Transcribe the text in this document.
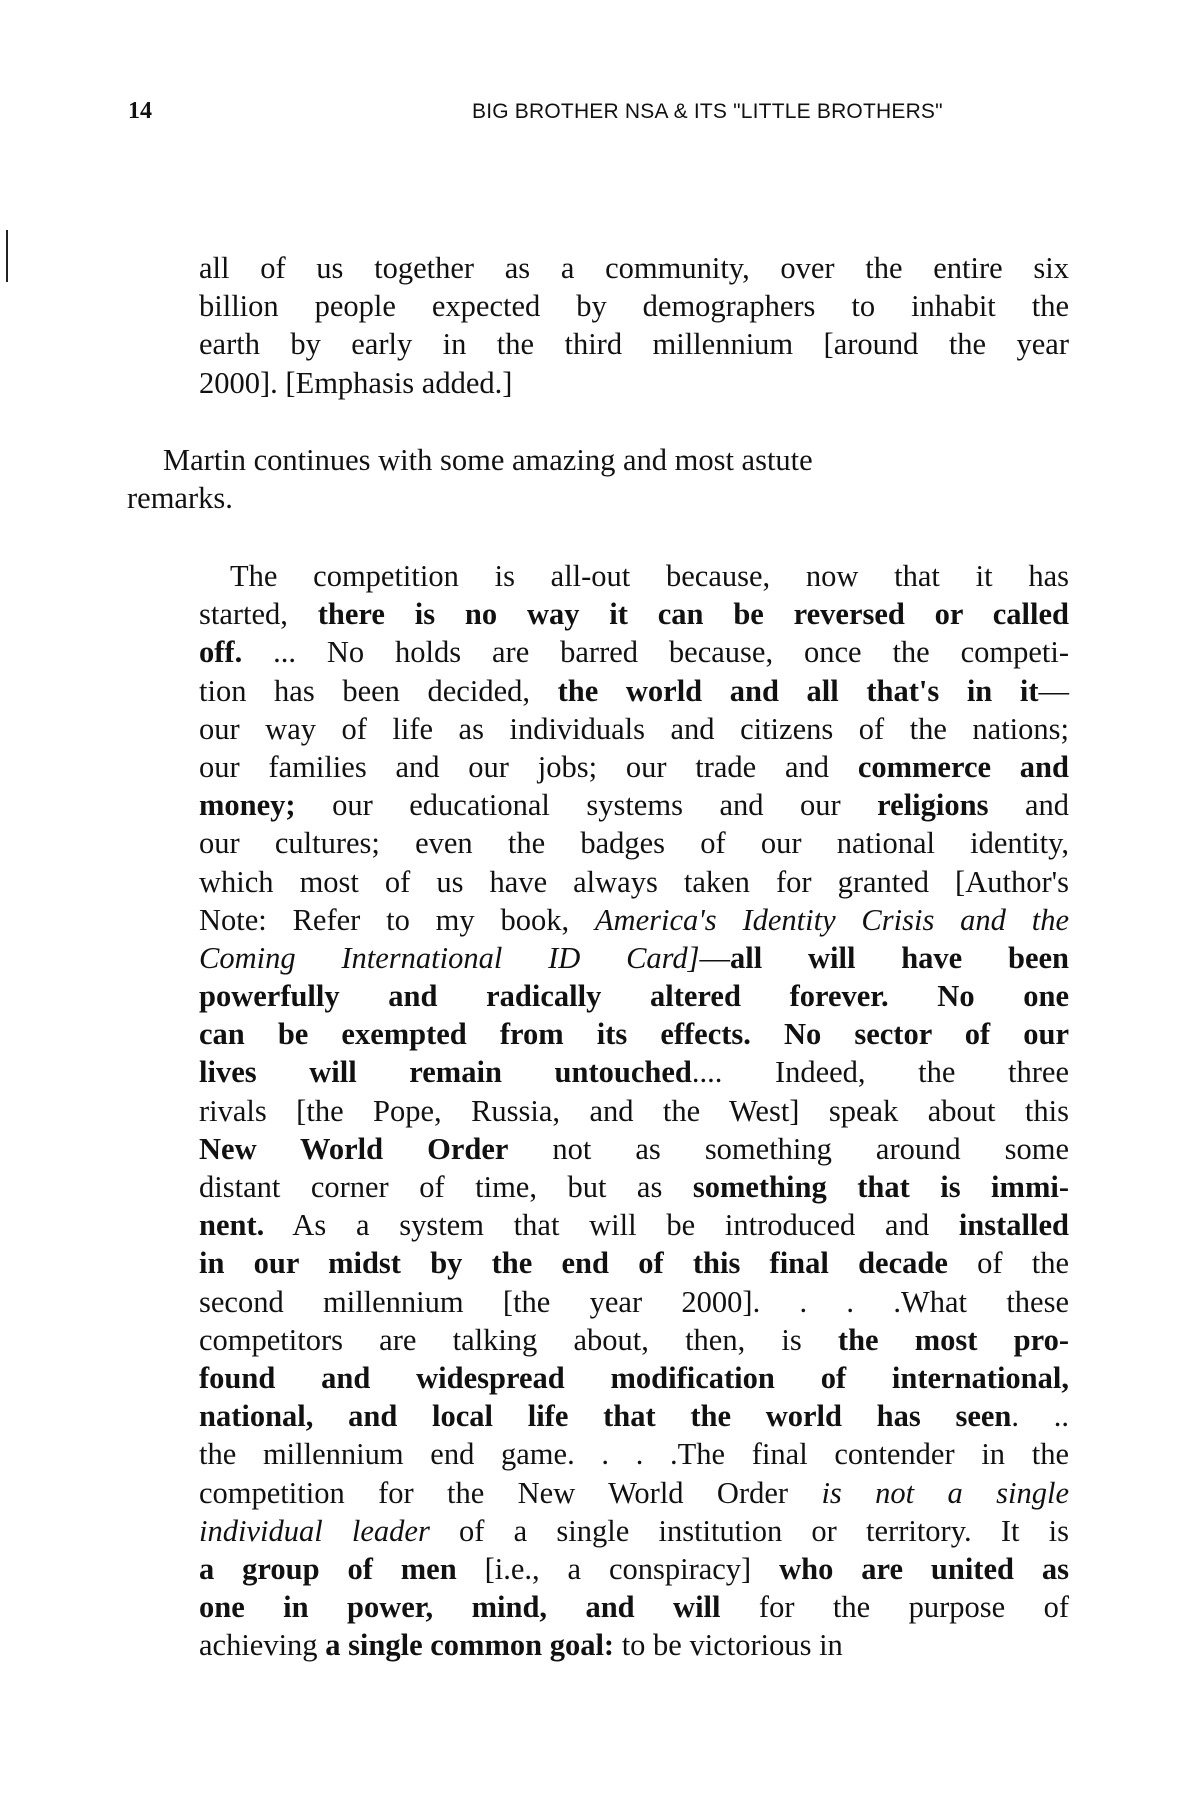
14	BIG BROTHER NSA & ITS "LITTLE BROTHERS"
all of us together as a community, over the entire six
billion people expected by demographers to inhabit the
earth by early in the third millennium [around the year
2000]. [Emphasis added.]
Martin continues with some amazing and most astute
remarks.
The competition is all-out because, now that it has
started, there is no way it can be reversed or called
off. ... No holds are barred because, once the competi-
tion has been decided, the world and all that's in it—
our way of life as individuals and citizens of the nations;
our families and our jobs; our trade and commerce and
money; our educational systems and our religions and
our cultures; even the badges of our national identity,
which most of us have always taken for granted [Author's
Note: Refer to my book, America's Identity Crisis and the
Coming International ID Card]—all will have been
powerfully and radically altered forever. No one
can be exempted from its effects. No sector of our
lives will remain untouched.... Indeed, the three
rivals [the Pope, Russia, and the West] speak about this
New World Order not as something around some
distant corner of time, but as something that is immi-
nent. As a system that will be introduced and installed
in our midst by the end of this final decade of the
second millennium [the year 2000]. . . .What these
competitors are talking about, then, is the most pro-
found and widespread modification of international,
national, and local life that the world has seen. ..
the millennium end game. . . .The final contender in the
competition for the New World Order is not a single
individual leader of a single institution or territory. It is
a group of men [i.e., a conspiracy] who are united as
one in power, mind, and will for the purpose of
achieving a single common goal: to be victorious in
